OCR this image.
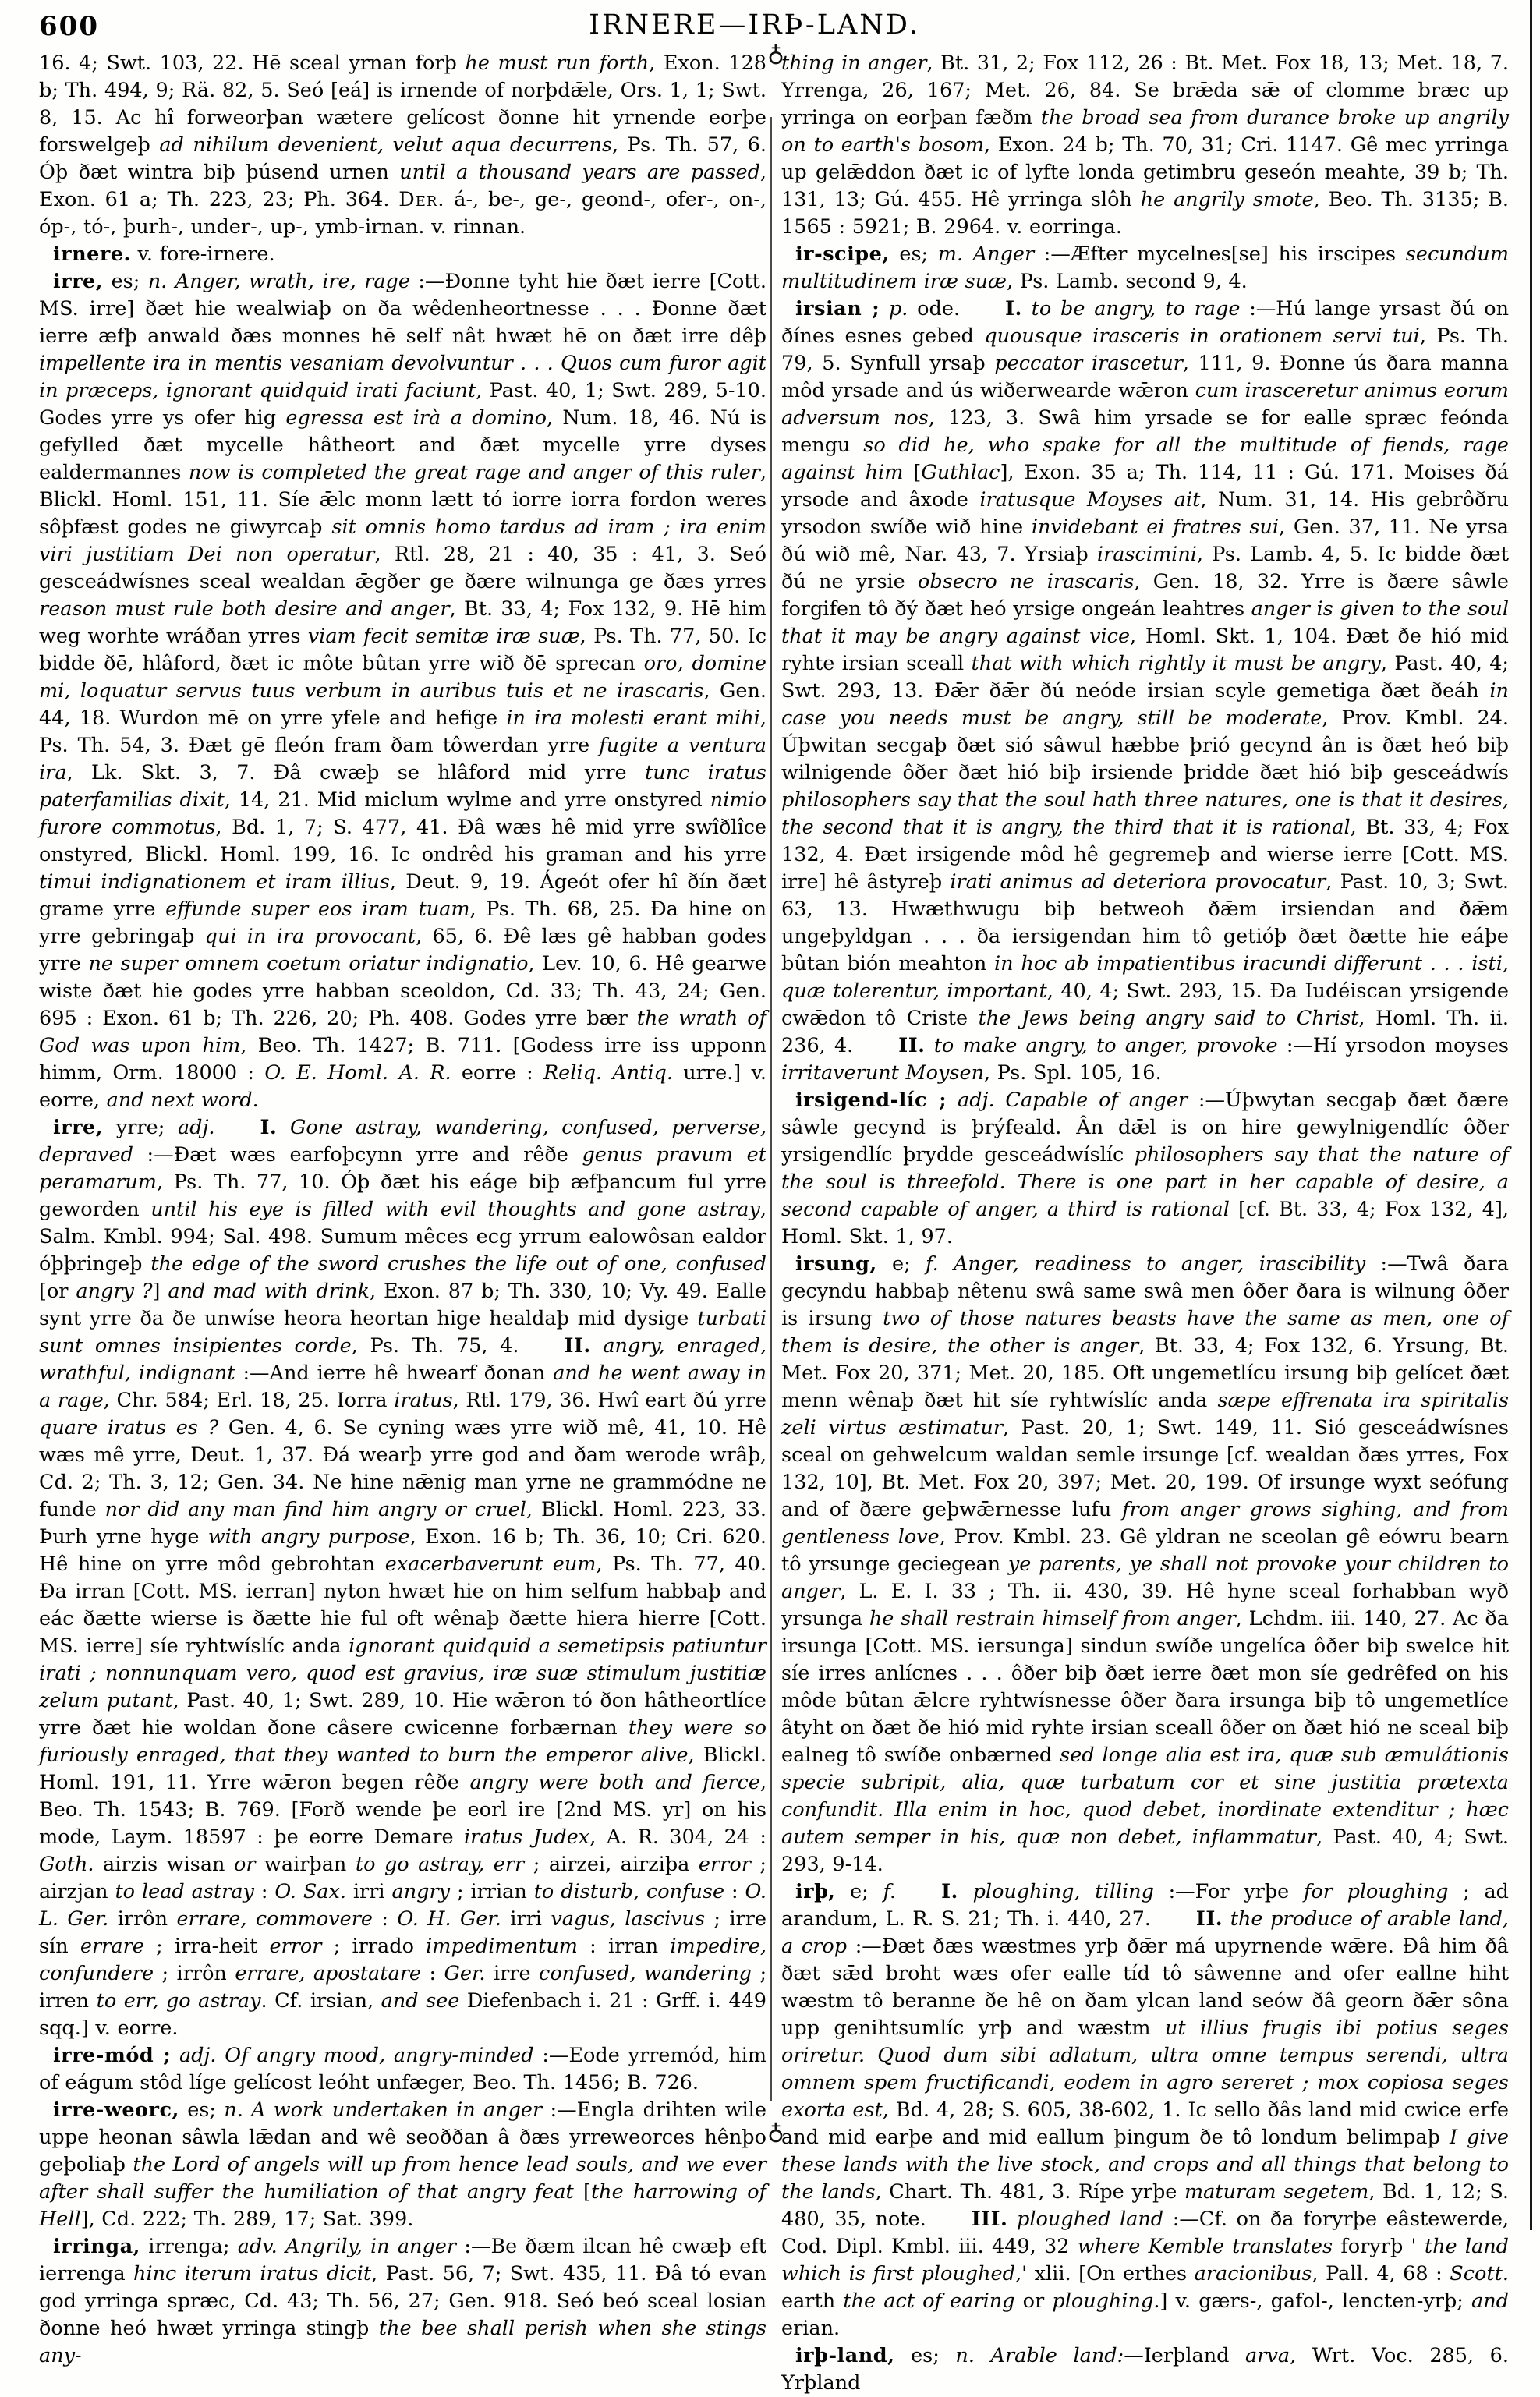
600	IRNERE—IRÞ-LAND.
♁
♁

16. 4; Swt. 103, 22. Hē sceal yrnan forþ he must run forth, Exon. 128 b; Th. 494, 9; Rä. 82, 5. Seó [eá] is irnende of norþdǣle, Ors. 1, 1; Swt. 8, 15. Ac hî forweorþan wætere gelícost ðonne hit yrnende eorþe forswelgeþ ad nihilum devenient, velut aqua decurrens, Ps. Th. 57, 6. Óþ ðæt wintra biþ þúsend urnen until a thousand years are passed, Exon. 61 a; Th. 223, 23; Ph. 364. Der. á-, be-, ge-, geond-, ofer-, on-, óp-, tó-, þurh-, under-, up-, ymb-irnan. v. rinnan.

irnere. v. fore-irnere.

irre, es; n. Anger, wrath, ire, rage :—Ðonne tyht hie ðæt ierre [Cott. MS. irre] ðæt hie wealwiaþ on ða wêdenheortnesse . . . Ðonne ðæt ierre æfþ anwald ðæs monnes hē self nât hwæt hē on ðæt irre dêþ impellente ira in mentis vesaniam devolvuntur . . . Quos cum furor agit in præceps, ignorant quidquid irati faciunt, Past. 40, 1; Swt. 289, 5-10. Godes yrre ys ofer hig egressa est irà a domino, Num. 18, 46. Nú is gefylled ðæt mycelle hâtheort and ðæt mycelle yrre dyses ealdermannes now is completed the great rage and anger of this ruler, Blickl. Homl. 151, 11. Síe ǣlc monn lætt tó iorre iorra fordon weres sôþfæst godes ne giwyrcaþ sit omnis homo tardus ad iram ; ira enim viri justitiam Dei non operatur, Rtl. 28, 21 : 40, 35 : 41, 3. Seó gesceádwísnes sceal wealdan ǣgðer ge ðære wilnunga ge ðæs yrres reason must rule both desire and anger, Bt. 33, 4; Fox 132, 9. Hē him weg worhte wráðan yrres viam fecit semitæ iræ suæ, Ps. Th. 77, 50. Ic bidde ðē, hlâford, ðæt ic môte bûtan yrre wið ðē sprecan oro, domine mi, loquatur servus tuus verbum in auribus tuis et ne irascaris, Gen. 44, 18. Wurdon mē on yrre yfele and hefige in ira molesti erant mihi, Ps. Th. 54, 3. Ðæt gē fleón fram ðam tôwerdan yrre fugite a ventura ira, Lk. Skt. 3, 7. Ðâ cwæþ se hlâford mid yrre tunc iratus paterfamilias dixit, 14, 21. Mid miclum wylme and yrre onstyred nimio furore commotus, Bd. 1, 7; S. 477, 41. Ðâ wæs hê mid yrre swîðlîce onstyred, Blickl. Homl. 199, 16. Ic ondrêd his graman and his yrre timui indignationem et iram illius, Deut. 9, 19. Ágeót ofer hî ðín ðæt grame yrre effunde super eos iram tuam, Ps. Th. 68, 25. Ða hine on yrre gebringaþ qui in ira provocant, 65, 6. Ðê læs gê habban godes yrre ne super omnem coetum oriatur indignatio, Lev. 10, 6. Hê gearwe wiste ðæt hie godes yrre habban sceoldon, Cd. 33; Th. 43, 24; Gen. 695 : Exon. 61 b; Th. 226, 20; Ph. 408. Godes yrre bær the wrath of God was upon him, Beo. Th. 1427; B. 711. [Godess irre iss upponn himm, Orm. 18000 : O. E. Homl. A. R. eorre : Reliq. Antiq. urre.] v. eorre, and next word.

irre, yrre; adj. I. Gone astray, wandering, confused, perverse, depraved :—Ðæt wæs earfoþcynn yrre and rêðe genus pravum et peramarum, Ps. Th. 77, 10. Óþ ðæt his eáge biþ æfþancum ful yrre geworden until his eye is filled with evil thoughts and gone astray, Salm. Kmbl. 994; Sal. 498. Sumum mêces ecg yrrum ealowôsan ealdor óþþringeþ the edge of the sword crushes the life out of one, confused [or angry ?] and mad with drink, Exon. 87 b; Th. 330, 10; Vy. 49. Ealle synt yrre ða ðe unwíse heora heortan hige healdaþ mid dysige turbati sunt omnes insipientes corde, Ps. Th. 75, 4. II. angry, enraged, wrathful, indignant :—And ierre hê hwearf ðonan and he went away in a rage, Chr. 584; Erl. 18, 25. Iorra iratus, Rtl. 179, 36. Hwî eart ðú yrre quare iratus es ? Gen. 4, 6. Se cyning wæs yrre wið mê, 41, 10. Hê wæs mê yrre, Deut. 1, 37. Ðá wearþ yrre god and ðam werode wrâþ, Cd. 2; Th. 3, 12; Gen. 34. Ne hine nǣnig man yrne ne grammódne ne funde nor did any man find him angry or cruel, Blickl. Homl. 223, 33. Þurh yrne hyge with angry purpose, Exon. 16 b; Th. 36, 10; Cri. 620. Hê hine on yrre môd gebrohtan exacerbaverunt eum, Ps. Th. 77, 40. Ða irran [Cott. MS. ierran] nyton hwæt hie on him selfum habbaþ and eác ðætte wierse is ðætte hie ful oft wênaþ ðætte hiera hierre [Cott. MS. ierre] síe ryhtwíslíc anda ignorant quidquid a semetipsis patiuntur irati ; nonnunquam vero, quod est gravius, iræ suæ stimulum justitiæ zelum putant, Past. 40, 1; Swt. 289, 10. Hie wǣron tó ðon hâtheortlíce yrre ðæt hie woldan ðone câsere cwicenne forbærnan they were so furiously enraged, that they wanted to burn the emperor alive, Blickl. Homl. 191, 11. Yrre wǣron begen rêðe angry were both and fierce, Beo. Th. 1543; B. 769. [Forð wende þe eorl ire [2nd MS. yr] on his mode, Laym. 18597 : þe eorre Demare iratus Judex, A. R. 304, 24 : Goth. airzis wisan or wairþan to go astray, err ; airzei, airziþa error ; airzjan to lead astray : O. Sax. irri angry ; irrian to disturb, confuse : O. L. Ger. irrôn errare, commovere : O. H. Ger. irri vagus, lascivus ; irre sín errare ; irra-heit error ; irrado impedimentum : irran impedire, confundere ; irrôn errare, apostatare : Ger. irre confused, wandering ; irren to err, go astray. Cf. irsian, and see Diefenbach i. 21 : Grff. i. 449 sqq.] v. eorre.

irre-mód ; adj. Of angry mood, angry-minded :—Eode yrremód, him of eágum stôd líge gelícost leóht unfæger, Beo. Th. 1456; B. 726.

irre-weorc, es; n. A work undertaken in anger :—Engla drihten wile uppe heonan sâwla lǣdan and wê seoððan â ðæs yrreweorces hênþo geþoliaþ the Lord of angels will up from hence lead souls, and we ever after shall suffer the humiliation of that angry feat [the harrowing of Hell], Cd. 222; Th. 289, 17; Sat. 399.

irringa, irrenga; adv. Angrily, in anger :—Be ðæm ilcan hê cwæþ eft ierrenga hinc iterum iratus dicit, Past. 56, 7; Swt. 435, 11. Ðâ tó evan god yrringa spræc, Cd. 43; Th. 56, 27; Gen. 918. Seó beó sceal losian ðonne heó hwæt yrringa stingþ the bee shall perish when she stings any-

thing in anger, Bt. 31, 2; Fox 112, 26 : Bt. Met. Fox 18, 13; Met. 18, 7. Yrrenga, 26, 167; Met. 26, 84. Se brǣda sǣ of clomme bræc up yrringa on eorþan fæðm the broad sea from durance broke up angrily on to earth's bosom, Exon. 24 b; Th. 70, 31; Cri. 1147. Gê mec yrringa up gelǣddon ðæt ic of lyfte londa getimbru geseón meahte, 39 b; Th. 131, 13; Gú. 455. Hê yrringa slôh he angrily smote, Beo. Th. 3135; B. 1565 : 5921; B. 2964. v. eorringa.

ir-scipe, es; m. Anger :—Æfter mycelnes[se] his irscipes secundum multitudinem iræ suæ, Ps. Lamb. second 9, 4.

irsian ; p. ode. I. to be angry, to rage :—Hú lange yrsast ðú on ðínes esnes gebed quousque irasceris in orationem servi tui, Ps. Th. 79, 5. Synfull yrsaþ peccator irascetur, 111, 9. Ðonne ús ðara manna môd yrsade and ús wiðerwearde wǣron cum irasceretur animus eorum adversum nos, 123, 3. Swâ him yrsade se for ealle spræc feónda mengu so did he, who spake for all the multitude of fiends, rage against him [Guthlac], Exon. 35 a; Th. 114, 11 : Gú. 171. Moises ðá yrsode and âxode iratusque Moyses ait, Num. 31, 14. His gebrôðru yrsodon swíðe wið hine invidebant ei fratres sui, Gen. 37, 11. Ne yrsa ðú wið mê, Nar. 43, 7. Yrsiaþ irascimini, Ps. Lamb. 4, 5. Ic bidde ðæt ðú ne yrsie obsecro ne irascaris, Gen. 18, 32. Yrre is ðære sâwle forgifen tô ðý ðæt heó yrsige ongeán leahtres anger is given to the soul that it may be angry against vice, Homl. Skt. 1, 104. Ðæt ðe hió mid ryhte irsian sceall that with which rightly it must be angry, Past. 40, 4; Swt. 293, 13. Ðǣr ðǣr ðú neóde irsian scyle gemetiga ðæt ðeáh in case you needs must be angry, still be moderate, Prov. Kmbl. 24. Úþwitan secgaþ ðæt sió sâwul hæbbe þrió gecynd ân is ðæt heó biþ wilnigende ôðer ðæt hió biþ irsiende þridde ðæt hió biþ gesceádwís philosophers say that the soul hath three natures, one is that it desires, the second that it is angry, the third that it is rational, Bt. 33, 4; Fox 132, 4. Ðæt irsigende môd hê gegremeþ and wierse ierre [Cott. MS. irre] hê âstyreþ irati animus ad deteriora provocatur, Past. 10, 3; Swt. 63, 13. Hwæthwugu biþ betweoh ðǣm irsiendan and ðǣm ungeþyldgan . . . ða iersigendan him tô getióþ ðæt ðætte hie eáþe bûtan bión meahton in hoc ab impatientibus iracundi differunt . . . isti, quæ tolerentur, important, 40, 4; Swt. 293, 15. Ða Iudéiscan yrsigende cwǣdon tô Criste the Jews being angry said to Christ, Homl. Th. ii. 236, 4. II. to make angry, to anger, provoke :—Hí yrsodon moyses irritaverunt Moysen, Ps. Spl. 105, 16.

irsigend-líc ; adj. Capable of anger :—Úþwytan secgaþ ðæt ðære sâwle gecynd is þrýfeald. Ân dǣl is on hire gewylnigendlíc ôðer yrsigendlíc þrydde gesceádwíslíc philosophers say that the nature of the soul is threefold. There is one part in her capable of desire, a second capable of anger, a third is rational [cf. Bt. 33, 4; Fox 132, 4], Homl. Skt. 1, 97.

irsung, e; f. Anger, readiness to anger, irascibility :—Twâ ðara gecyndu habbaþ nêtenu swâ same swâ men ôðer ðara is wilnung ôðer is irsung two of those natures beasts have the same as men, one of them is desire, the other is anger, Bt. 33, 4; Fox 132, 6. Yrsung, Bt. Met. Fox 20, 371; Met. 20, 185. Oft ungemetlícu irsung biþ gelícet ðæt menn wênaþ ðæt hit síe ryhtwíslíc anda sæpe effrenata ira spiritalis zeli virtus æstimatur, Past. 20, 1; Swt. 149, 11. Sió gesceádwísnes sceal on gehwelcum waldan semle irsunge [cf. wealdan ðæs yrres, Fox 132, 10], Bt. Met. Fox 20, 397; Met. 20, 199. Of irsunge wyxt seófung and of ðære geþwǣrnesse lufu from anger grows sighing, and from gentleness love, Prov. Kmbl. 23. Gê yldran ne sceolan gê eówru bearn tô yrsunge geciegean ye parents, ye shall not provoke your children to anger, L. E. I. 33 ; Th. ii. 430, 39. Hê hyne sceal forhabban wyð yrsunga he shall restrain himself from anger, Lchdm. iii. 140, 27. Ac ða irsunga [Cott. MS. iersunga] sindun swíðe ungelíca ôðer biþ swelce hit síe irres anlícnes . . . ôðer biþ ðæt ierre ðæt mon síe gedrêfed on his môde bûtan ǣlcre ryhtwísnesse ôðer ðara irsunga biþ tô ungemetlíce âtyht on ðæt ðe hió mid ryhte irsian sceall ôðer on ðæt hió ne sceal biþ ealneg tô swíðe onbærned sed longe alia est ira, quæ sub æmulátionis specie subripit, alia, quæ turbatum cor et sine justitia prætexta confundit. Illa enim in hoc, quod debet, inordinate extenditur ; hæc autem semper in his, quæ non debet, inflammatur, Past. 40, 4; Swt. 293, 9-14.

irþ, e; f. I. ploughing, tilling :—For yrþe for ploughing ; ad arandum, L. R. S. 21; Th. i. 440, 27. II. the produce of arable land, a crop :—Ðæt ðæs wæstmes yrþ ðǣr má upyrnende wǣre. Ðâ him ðâ ðæt sǣd broht wæs ofer ealle tíd tô sâwenne and ofer eallne hiht wæstm tô beranne ðe hê on ðam ylcan land seów ðâ georn ðǣr sôna upp genihtsumlíc yrþ and wæstm ut illius frugis ibi potius seges oriretur. Quod dum sibi adlatum, ultra omne tempus serendi, ultra omnem spem fructificandi, eodem in agro sereret ; mox copiosa seges exorta est, Bd. 4, 28; S. 605, 38-602, 1. Ic sello ðâs land mid cwice erfe and mid earþe and mid eallum þingum ðe tô londum belimpaþ I give these lands with the live stock, and crops and all things that belong to the lands, Chart. Th. 481, 3. Rípe yrþe maturam segetem, Bd. 1, 12; S. 480, 35, note. III. ploughed land :—Cf. on ða foryrþe eâstewerde, Cod. Dipl. Kmbl. iii. 449, 32 where Kemble translates foryrþ ' the land which is first ploughed,' xlii. [On erthes aracionibus, Pall. 4, 68 : Scott. earth the act of earing or ploughing.] v. gærs-, gafol-, lencten-yrþ; and erian.

irþ-land, es; n. Arable land:—Ierþland arva, Wrt. Voc. 285, 6. Yrþland
